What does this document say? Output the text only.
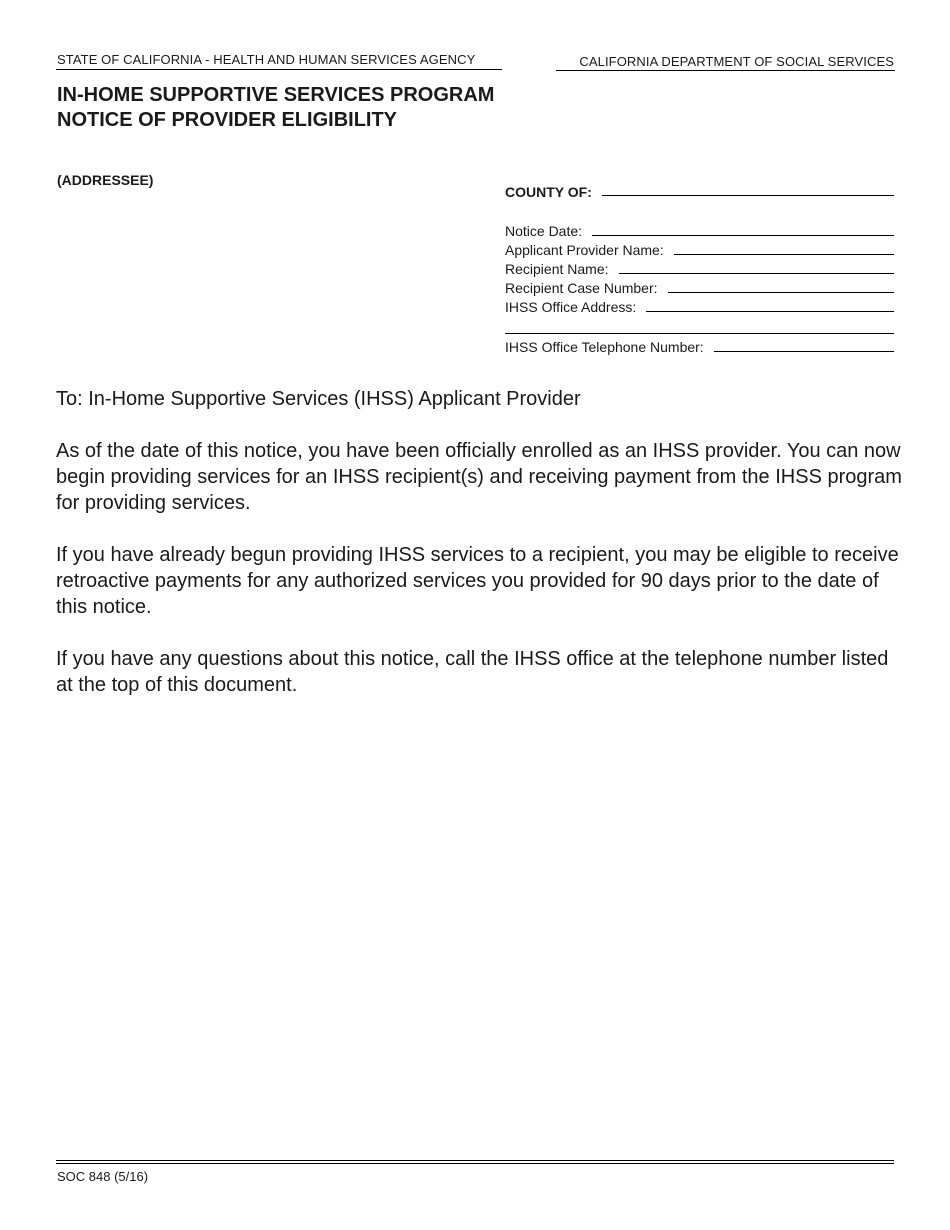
STATE OF CALIFORNIA - HEALTH AND HUMAN SERVICES AGENCY	CALIFORNIA DEPARTMENT OF SOCIAL SERVICES
IN-HOME SUPPORTIVE SERVICES PROGRAM
NOTICE OF PROVIDER ELIGIBILITY
(ADDRESSEE)
COUNTY OF:
Notice Date:
Applicant Provider Name:
Recipient Name:
Recipient Case Number:
IHSS Office Address:
IHSS Office Telephone Number:

To: In-Home Supportive Services (IHSS) Applicant Provider

As of the date of this notice, you have been officially enrolled as an IHSS provider. You can now begin providing services for an IHSS recipient(s) and receiving payment from the IHSS program for providing services.

If you have already begun providing IHSS services to a recipient, you may be eligible to receive retroactive payments for any authorized services you provided for 90 days prior to the date of this notice.

If you have any questions about this notice, call the IHSS office at the telephone number listed at the top of this document.

SOC 848 (5/16)
